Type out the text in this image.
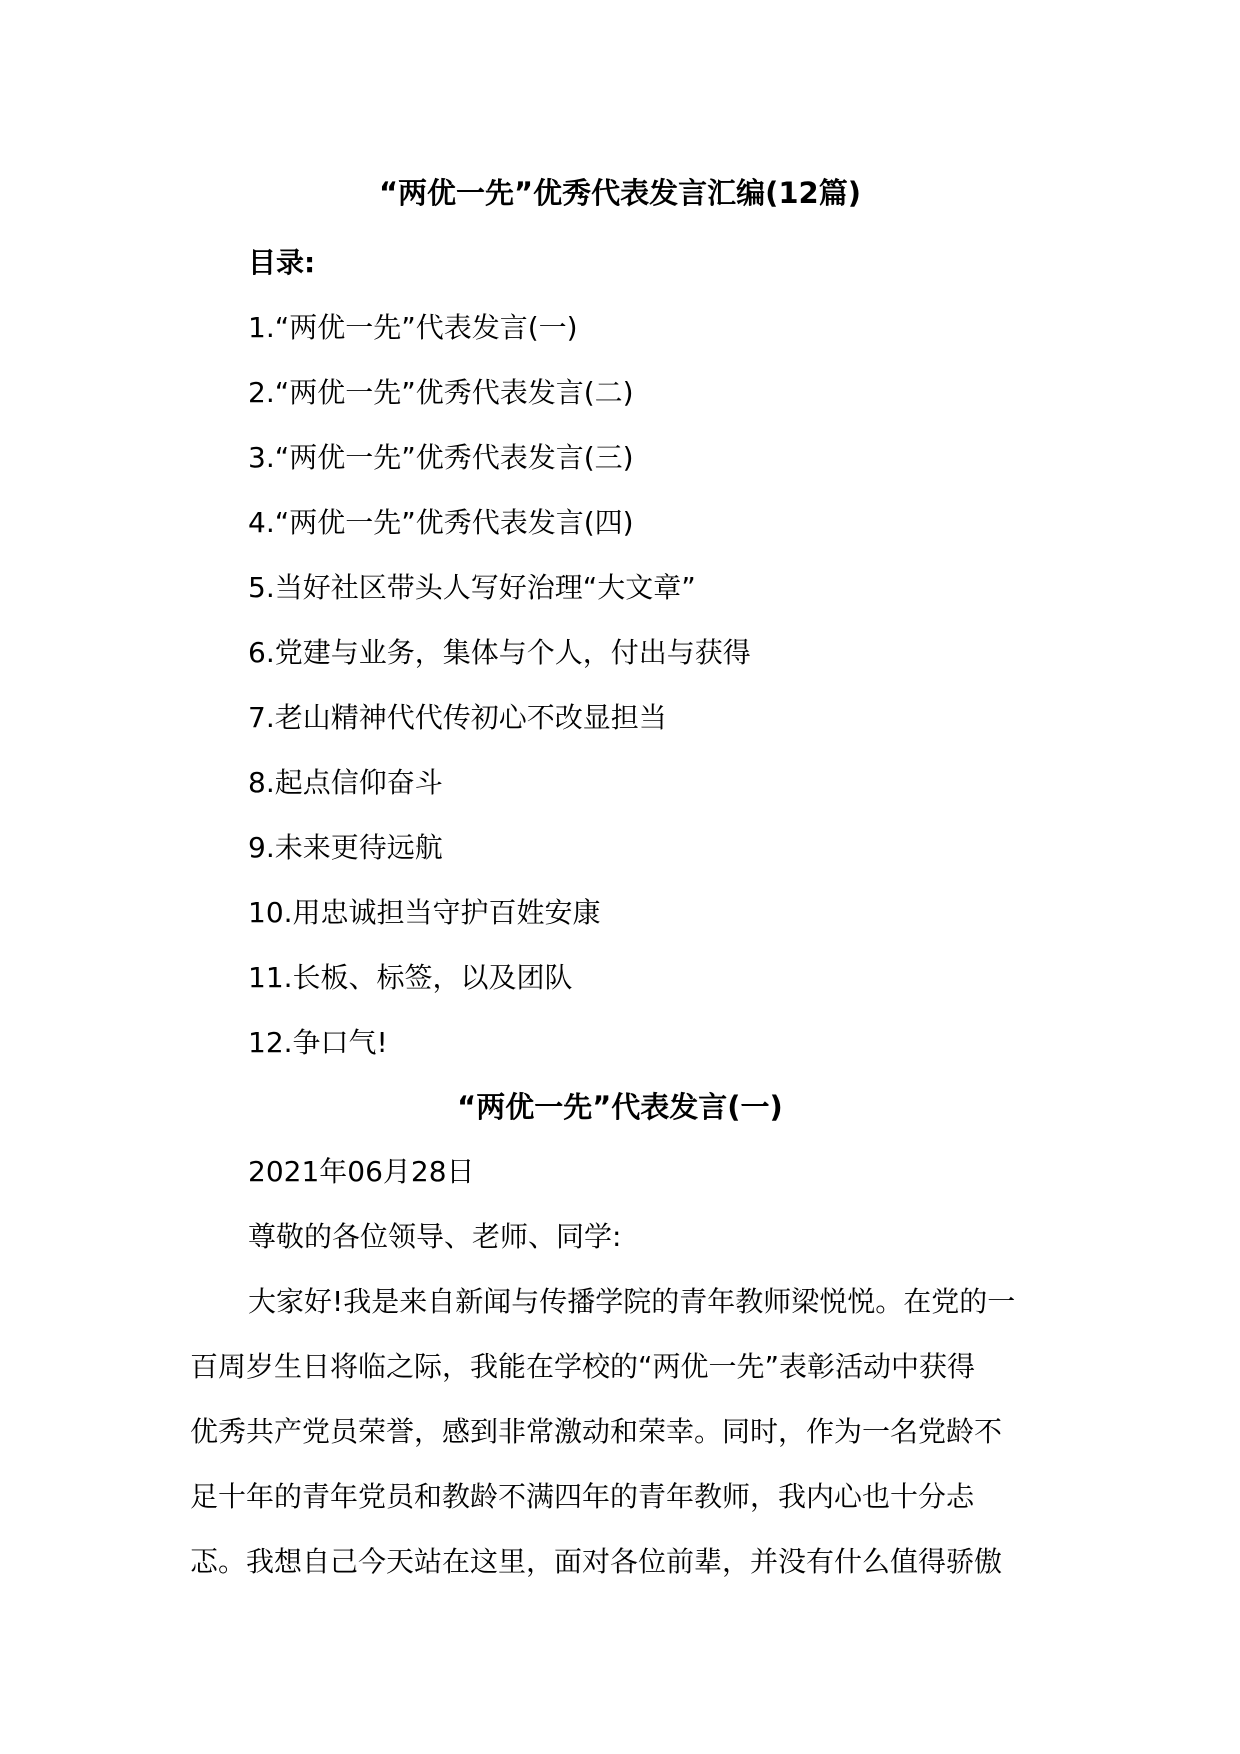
“两优一先”优秀代表发言汇编(12篇)
目录:
1.“两优一先”代表发言(一)
2.“两优一先”优秀代表发言(二)
3.“两优一先”优秀代表发言(三)
4.“两优一先”优秀代表发言(四)
5.当好社区带头人写好治理“大文章”
6.党建与业务，集体与个人，付出与获得
7.老山精神代代传初心不改显担当
8.起点信仰奋斗
9.未来更待远航
10.用忠诚担当守护百姓安康
11.长板、标签，以及团队
12.争口气!
“两优一先”代表发言(一)
2021年06月28日
尊敬的各位领导、老师、同学:
大家好!我是来自新闻与传播学院的青年教师梁悦悦。在党的一
百周岁生日将临之际，我能在学校的“两优一先”表彰活动中获得
优秀共产党员荣誉，感到非常激动和荣幸。同时，作为一名党龄不
足十年的青年党员和教龄不满四年的青年教师，我内心也十分忐
忑。我想自己今天站在这里，面对各位前辈，并没有什么值得骄傲
